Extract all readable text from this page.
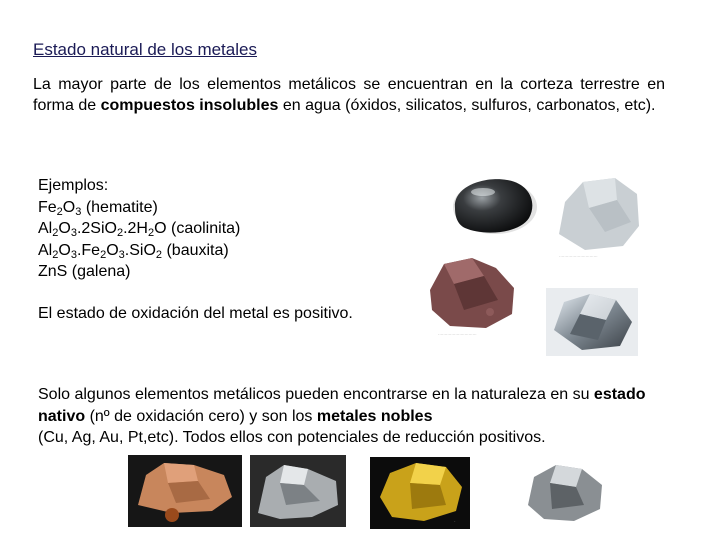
Estado natural de los metales

La mayor parte de los elementos metálicos se encuentran en la corteza terrestre en forma de compuestos insolubles en agua (óxidos, silicatos, sulfuros, carbonatos, etc).

Ejemplos:
$Fe_2O_3$ (hematite)
$Al_2O_3.2SiO_2.2H_2O$ (caolinita)
$Al_2O_3.Fe_2O_3.SiO_2$ (bauxita)
ZnS (galena)
El estado de oxidación del metal es positivo.
Solo algunos elementos metálicos pueden encontrarse en la naturaleza en su estado nativo (nº de oxidación cero) y son los metales nobles
(Cu, Ag, Au, Pt,etc). Todos ellos con potenciales de reducción positivos.
·····························
·····························
·
